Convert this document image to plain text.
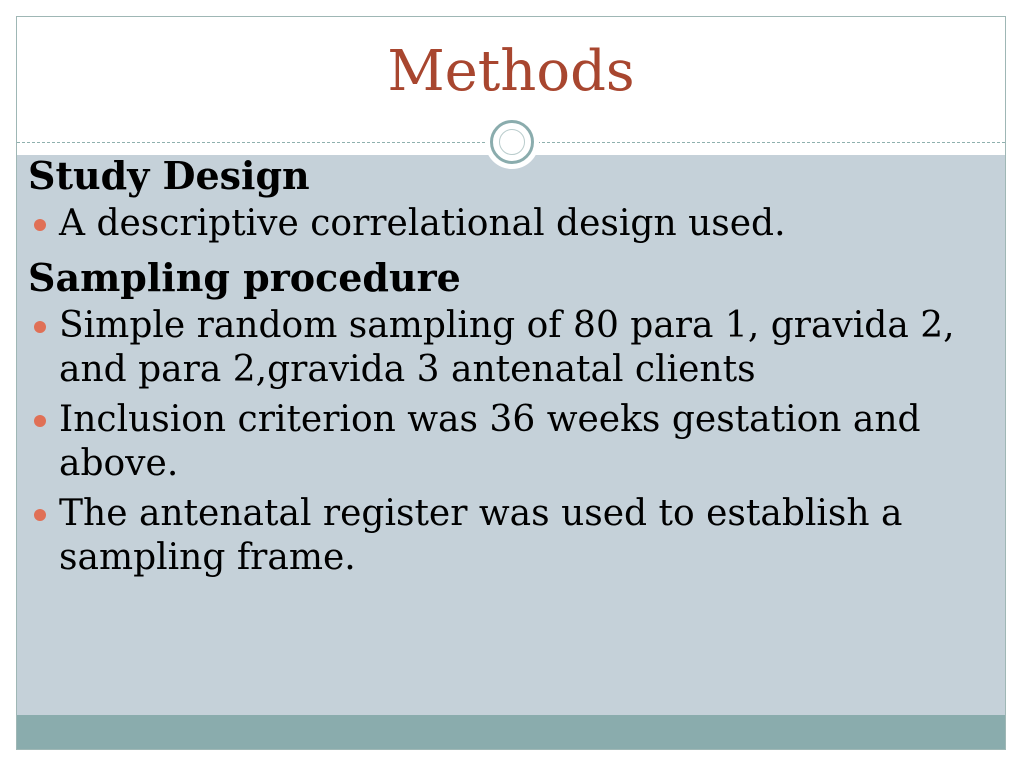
Methods

Study Design

A descriptive correlational design used.

Sampling procedure

Simple random sampling of 80 para 1, gravida 2, and para 2,gravida 3 antenatal clients
Inclusion criterion was 36 weeks gestation and above.
The antenatal register was used to establish a sampling frame.
